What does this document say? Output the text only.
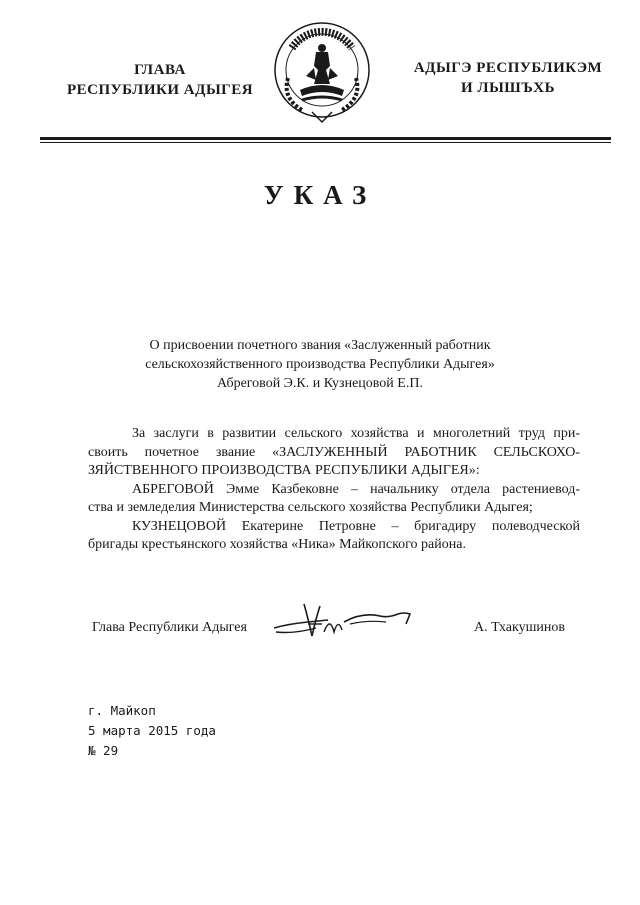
ГЛАВА
РЕСПУБЛИКИ АДЫГЕЯ
АДЫГЭ РЕСПУБЛИКЭМ
И ЛЫШЪХЬ
УКАЗ
О присвоении почетного звания «Заслуженный работник
сельскохозяйственного производства Республики Адыгея»
Абреговой Э.К. и Кузнецовой Е.П.
За заслуги в развитии сельского хозяйства и многолетний труд при-
своить почетное звание «ЗАСЛУЖЕННЫЙ РАБОТНИК СЕЛЬСКОХО-
ЗЯЙСТВЕННОГО ПРОИЗВОДСТВА РЕСПУБЛИКИ АДЫГЕЯ»:
АБРЕГОВОЙ Эмме Казбековне – начальнику отдела растениевод-
ства и земледелия Министерства сельского хозяйства Республики Адыгея;
КУЗНЕЦОВОЙ Екатерине Петровне – бригадиру полеводческой
бригады крестьянского хозяйства «Ника» Майкопского района.
Глава Республики Адыгея	А. Тхакушинов
г. Майкоп
5 марта 2015 года
№ 29
